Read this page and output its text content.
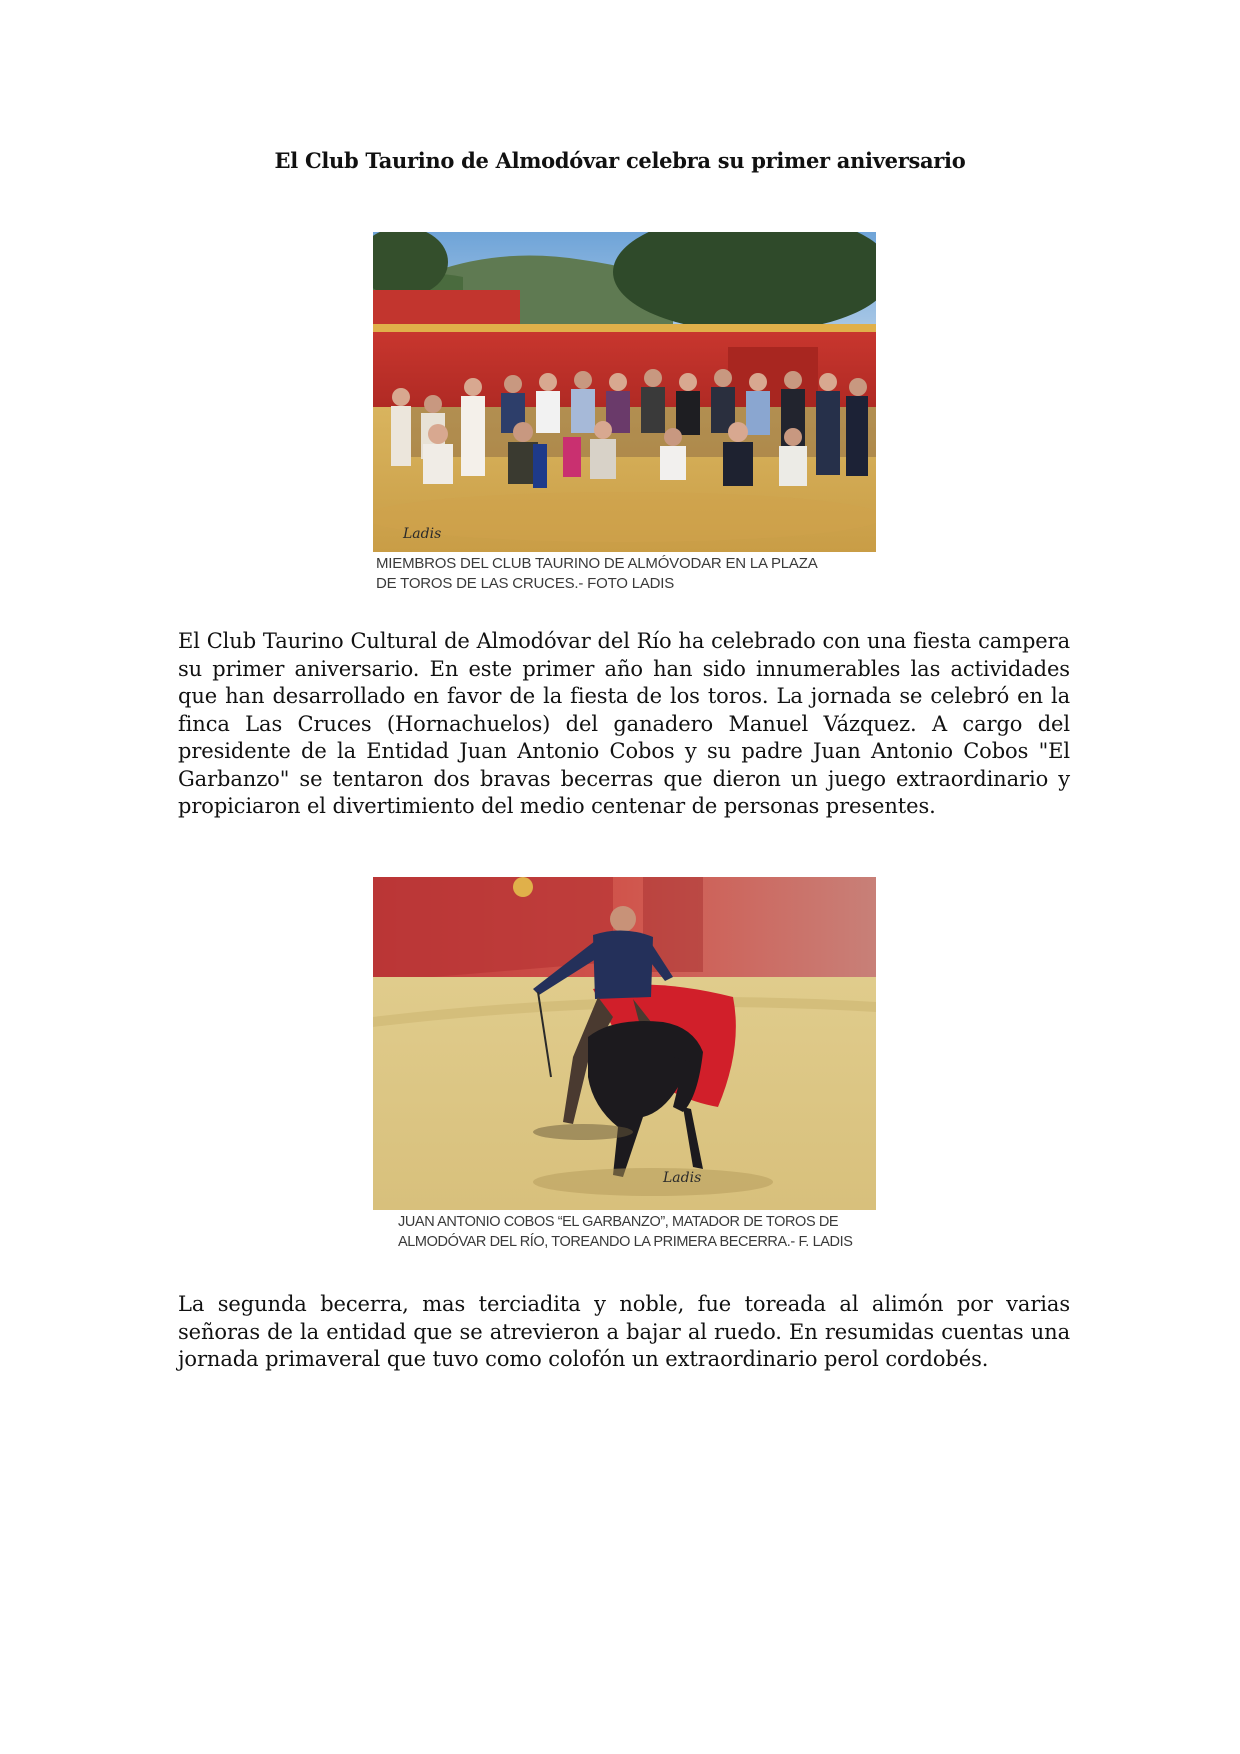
El Club Taurino de Almodóvar celebra su primer aniversario
Ladis
MIEMBROS DEL CLUB TAURINO DE ALMÓVODAR EN LA PLAZA
DE TOROS DE LAS CRUCES.- FOTO LADIS

El Club Taurino Cultural de Almodóvar del Río ha celebrado con una fiesta campera su primer aniversario. En este primer año han sido innumerables las actividades que han desarrollado en favor de la fiesta de los toros. La jornada se celebró en la finca Las Cruces (Hornachuelos) del ganadero Manuel Vázquez. A cargo del presidente de la Entidad Juan Antonio Cobos y su padre Juan Antonio Cobos "El Garbanzo" se tentaron dos bravas becerras que dieron un juego extraordinario y propiciaron el divertimiento del medio centenar de personas presentes.

Ladis
JUAN ANTONIO COBOS “EL GARBANZO”, MATADOR DE TOROS DE
ALMODÓVAR DEL RÍO, TOREANDO LA PRIMERA BECERRA.- F. LADIS

La segunda becerra, mas terciadita y noble, fue toreada al alimón por varias señoras de la entidad que se atrevieron a bajar al ruedo. En resumidas cuentas una jornada primaveral que tuvo como colofón un extraordinario perol cordobés.
